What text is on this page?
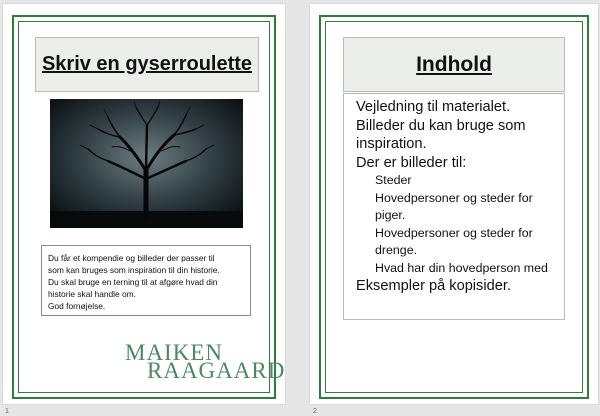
Skriv en gyserroulette
Du får et kompendie og billeder der passer til
som kan bruges som inspiration til din historie.
Du skal bruge en terning til at afgøre hvad din
historie skal handle om.
God fornøjelse.
MAIKEN
RAAGAARD
Indhold
Vejledning til materialet.
Billeder du kan bruge som inspiration.
Der er billeder til:
Steder
Hovedpersoner og steder for piger.
Hovedpersoner og steder for drenge.
Hvad har din hovedperson med
Eksempler på kopisider.
1	2
